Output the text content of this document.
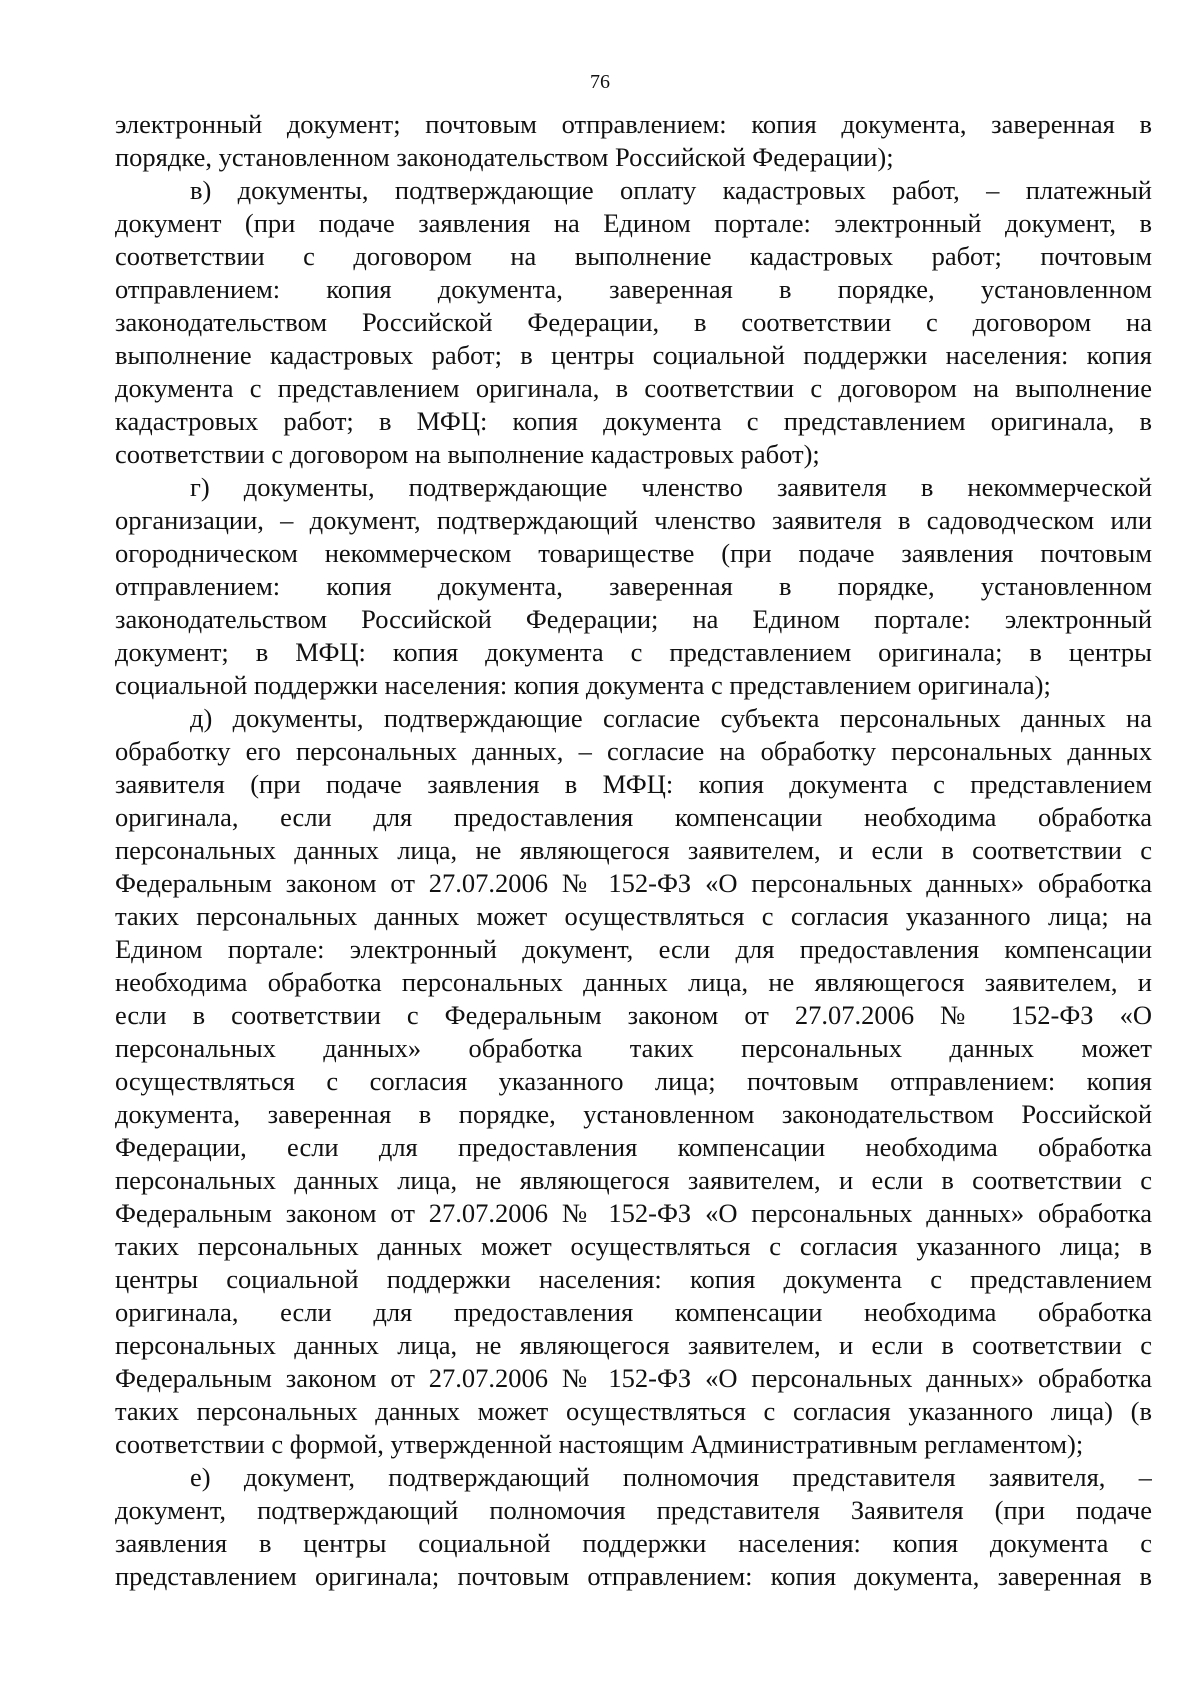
76
электронный документ; почтовым отправлением: копия документа, заверенная в
порядке, установленном законодательством Российской Федерации);
в) документы, подтверждающие оплату кадастровых работ, – платежный
документ (при подаче заявления на Едином портале: электронный документ, в
соответствии с договором на выполнение кадастровых работ; почтовым
отправлением: копия документа, заверенная в порядке, установленном
законодательством Российской Федерации, в соответствии с договором на
выполнение кадастровых работ; в центры социальной поддержки населения: копия
документа с представлением оригинала, в соответствии с договором на выполнение
кадастровых работ; в МФЦ: копия документа с представлением оригинала, в
соответствии с договором на выполнение кадастровых работ);
г) документы, подтверждающие членство заявителя в некоммерческой
организации, – документ, подтверждающий членство заявителя в садоводческом или
огородническом некоммерческом товариществе (при подаче заявления почтовым
отправлением: копия документа, заверенная в порядке, установленном
законодательством Российской Федерации; на Едином портале: электронный
документ; в МФЦ: копия документа с представлением оригинала; в центры
социальной поддержки населения: копия документа с представлением оригинала);
д) документы, подтверждающие согласие субъекта персональных данных на
обработку его персональных данных, – согласие на обработку персональных данных
заявителя (при подаче заявления в МФЦ: копия документа с представлением
оригинала, если для предоставления компенсации необходима обработка
персональных данных лица, не являющегося заявителем, и если в соответствии с
Федеральным законом от 27.07.2006 № 152-ФЗ «О персональных данных» обработка
таких персональных данных может осуществляться с согласия указанного лица; на
Едином портале: электронный документ, если для предоставления компенсации
необходима обработка персональных данных лица, не являющегося заявителем, и
если в соответствии с Федеральным законом от 27.07.2006 № 152-ФЗ «О
персональных данных» обработка таких персональных данных может
осуществляться с согласия указанного лица; почтовым отправлением: копия
документа, заверенная в порядке, установленном законодательством Российской
Федерации, если для предоставления компенсации необходима обработка
персональных данных лица, не являющегося заявителем, и если в соответствии с
Федеральным законом от 27.07.2006 № 152-ФЗ «О персональных данных» обработка
таких персональных данных может осуществляться с согласия указанного лица; в
центры социальной поддержки населения: копия документа с представлением
оригинала, если для предоставления компенсации необходима обработка
персональных данных лица, не являющегося заявителем, и если в соответствии с
Федеральным законом от 27.07.2006 № 152-ФЗ «О персональных данных» обработка
таких персональных данных может осуществляться с согласия указанного лица) (в
соответствии с формой, утвержденной настоящим Административным регламентом);
е) документ, подтверждающий полномочия представителя заявителя, –
документ, подтверждающий полномочия представителя Заявителя (при подаче
заявления в центры социальной поддержки населения: копия документа с
представлением оригинала; почтовым отправлением: копия документа, заверенная в
